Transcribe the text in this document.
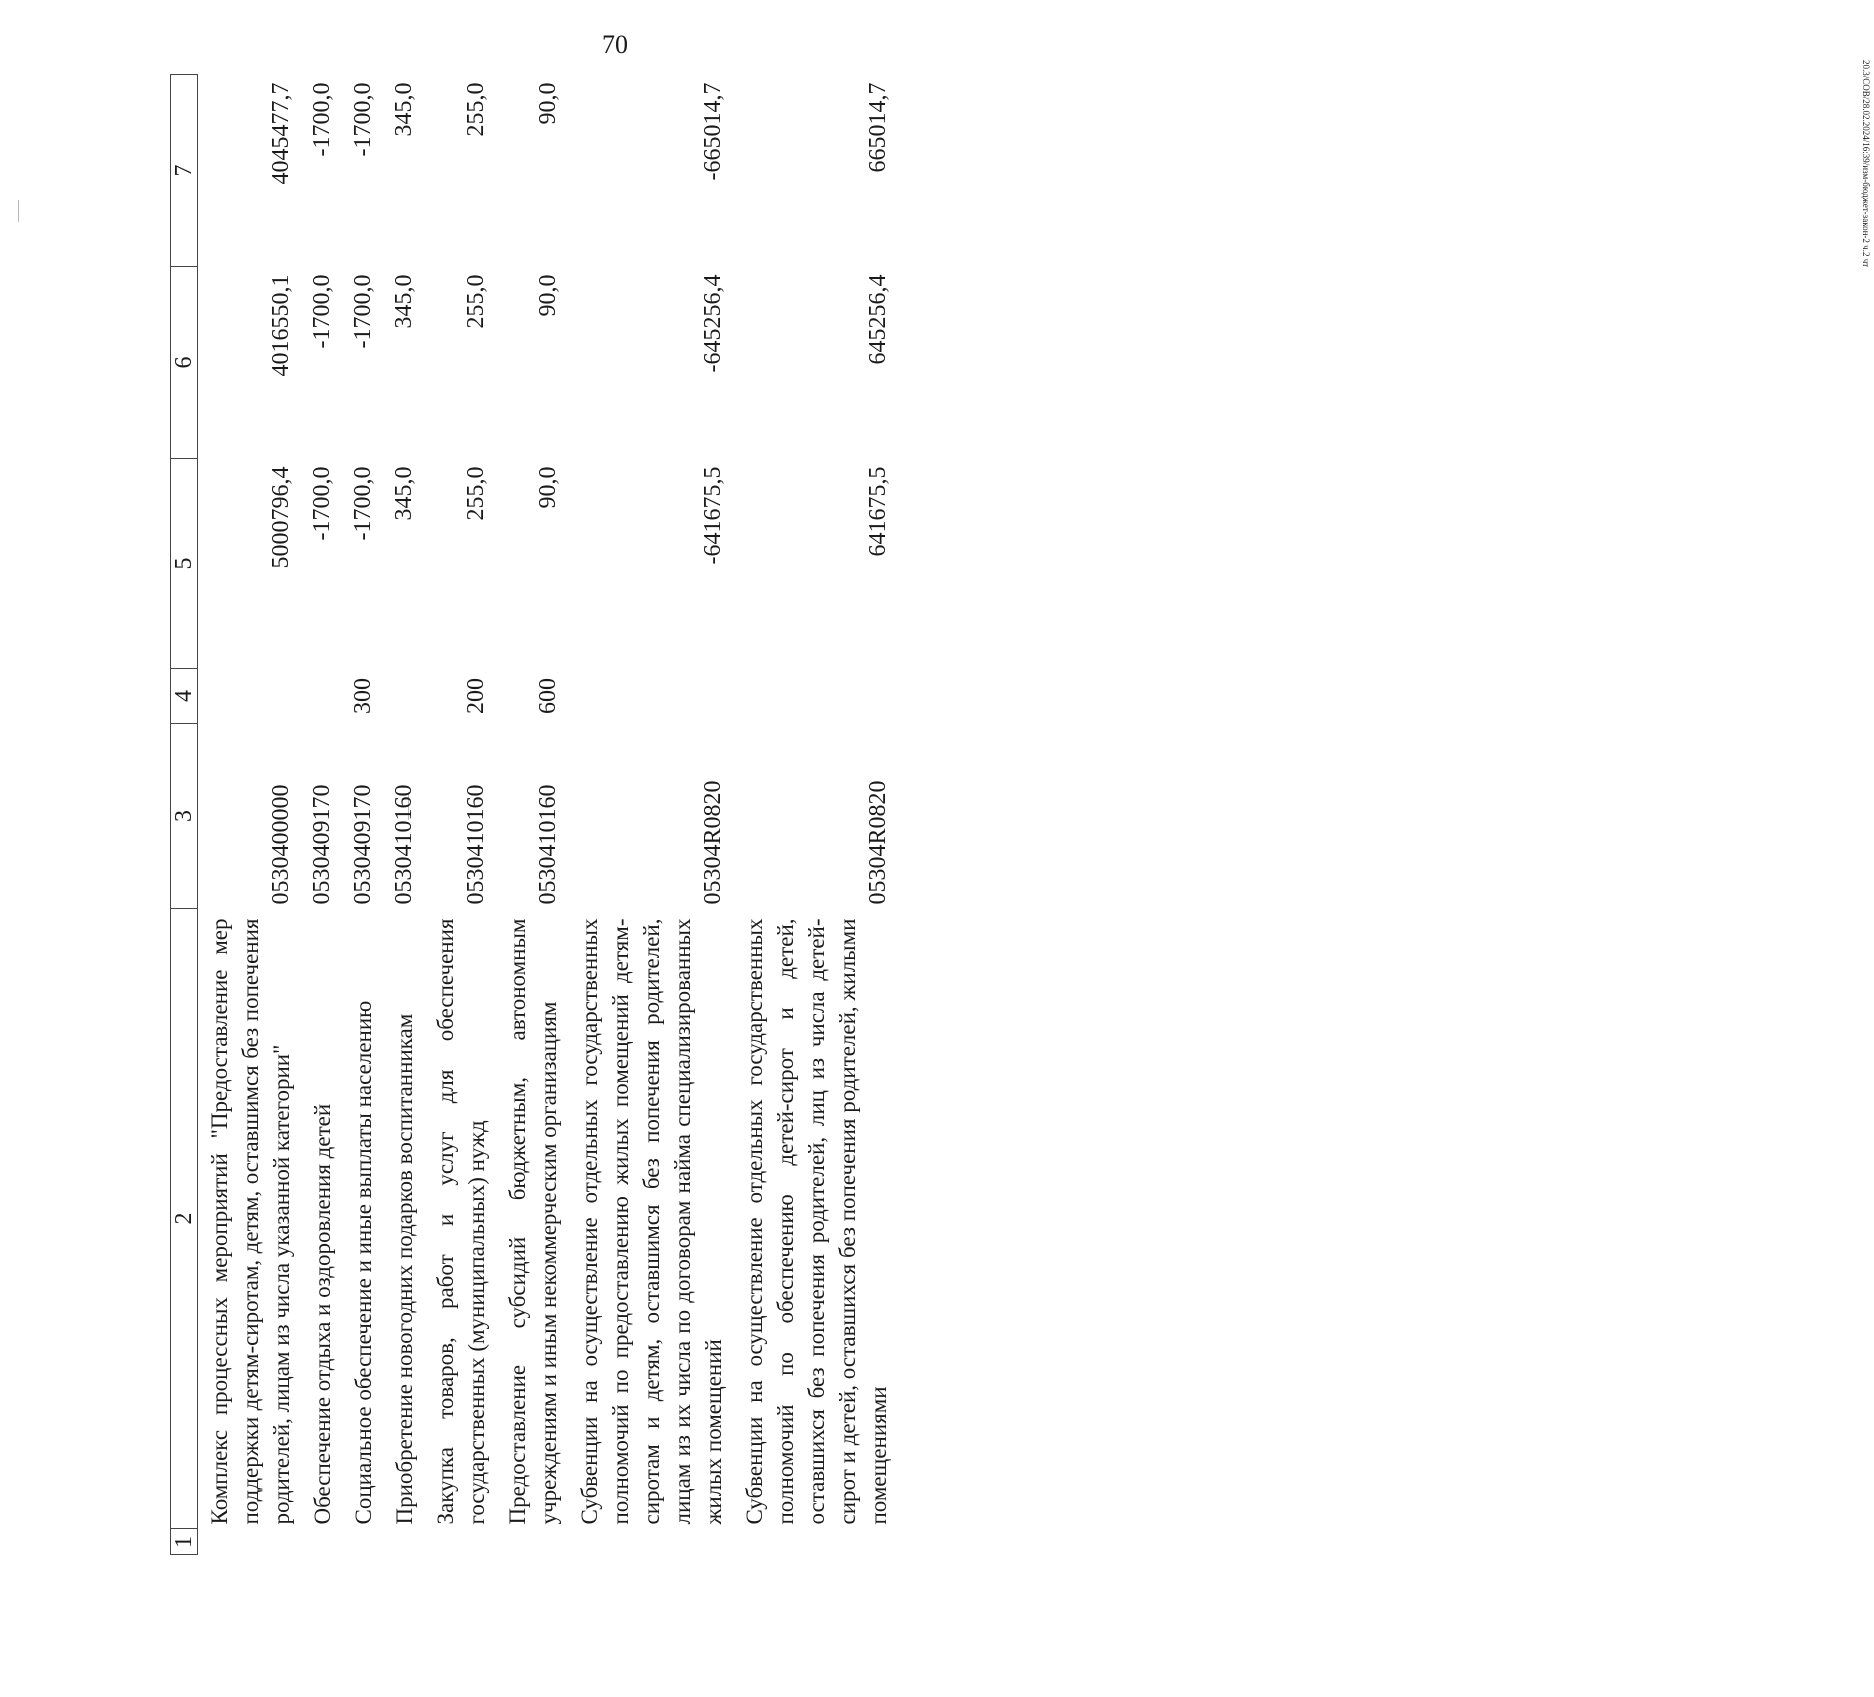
70
1	2	3	4	5	6	7
	Комплекс процессных мероприятий "Предоставление мер поддержки детям-сиротам, детям, оставшимся без попечения родителей, лицам из числа указанной категории"	0530400000		5000796,4	4016550,1	4045477,7
	Обеспечение отдыха и оздоровления детей	0530409170		-1700,0	-1700,0	-1700,0
	Социальное обеспечение и иные выплаты населению	0530409170	300	-1700,0	-1700,0	-1700,0
	Приобретение новогодних подарков воспитанникам	0530410160		345,0	345,0	345,0
	Закупка товаров, работ и услуг для обеспечения государственных (муниципальных) нужд	0530410160	200	255,0	255,0	255,0
	Предоставление субсидий бюджетным, автономным учреждениям и иным некоммерческим организациям	0530410160	600	90,0	90,0	90,0
	Субвенции на осуществление отдельных государственных полномочий по предоставлению жилых помещений детям-сиротам и детям, оставшимся без попечения родителей, лицам из их числа по договорам найма специализированных жилых помещений	05304R0820		-641675,5	-645256,4	-665014,7
	Субвенции на осуществление отдельных государственных полномочий по обеспечению детей-сирот и детей, оставшихся без попечения родителей, лиц из числа детей-сирот и детей, оставшихся без попечения родителей, жилыми помещениями	05304R0820		641675,5	645256,4	665014,7	20.3/СОВ/28.02.2024/16:39/изм-бюджет-закон-2 ч.2 чт
